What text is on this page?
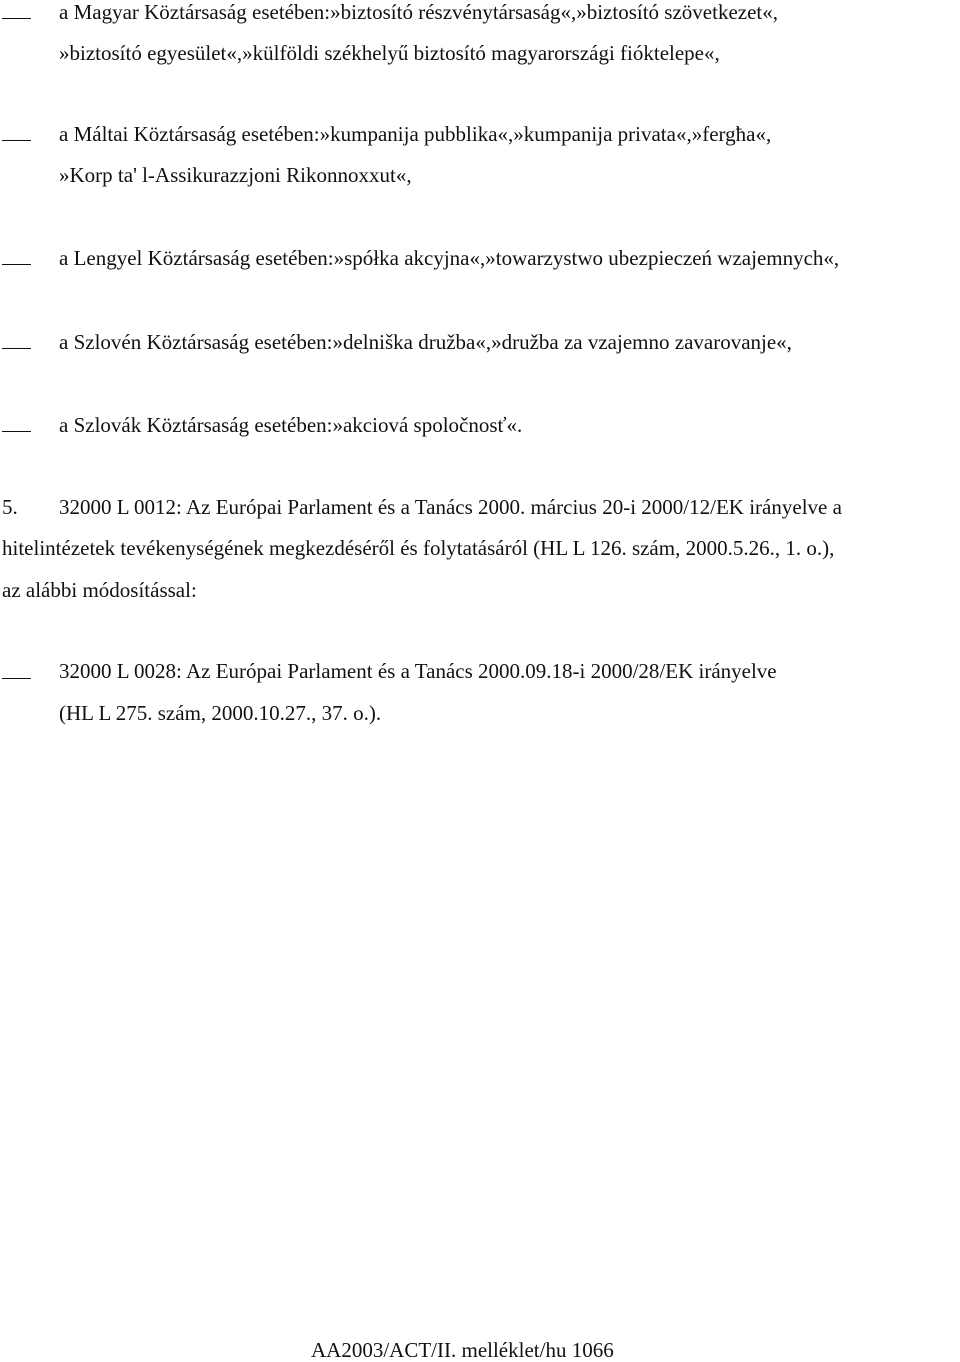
a Magyar Köztársaság esetében:»biztosító részvénytársaság«,»biztosító szövetkezet«,
»biztosító egyesület«,»külföldi székhelyű biztosító magyarországi fióktelepe«,
a Máltai Köztársaság esetében:»kumpanija pubblika«,»kumpanija privata«,»fergħa«,
»Korp ta' l-Assikurazzjoni Rikonnoxxut«,
a Lengyel Köztársaság esetében:»spółka akcyjna«,»towarzystwo ubezpieczeń wzajemnych«,
a Szlovén Köztársaság esetében:»delniška družba«,»družba za vzajemno zavarovanje«,
a Szlovák Köztársaság esetében:»akciová spoločnosť«.
5. 32000 L 0012: Az Európai Parlament és a Tanács 2000. március 20-i 2000/12/EK irányelve a
hitelintézetek tevékenységének megkezdéséről és folytatásáról (HL L 126. szám, 2000.5.26., 1. o.),
az alábbi módosítással:
32000 L 0028: Az Európai Parlament és a Tanács 2000.09.18-i 2000/28/EK irányelve
(HL L 275. szám, 2000.10.27., 37. o.).
AA2003/ACT/II. melléklet/hu 1066
